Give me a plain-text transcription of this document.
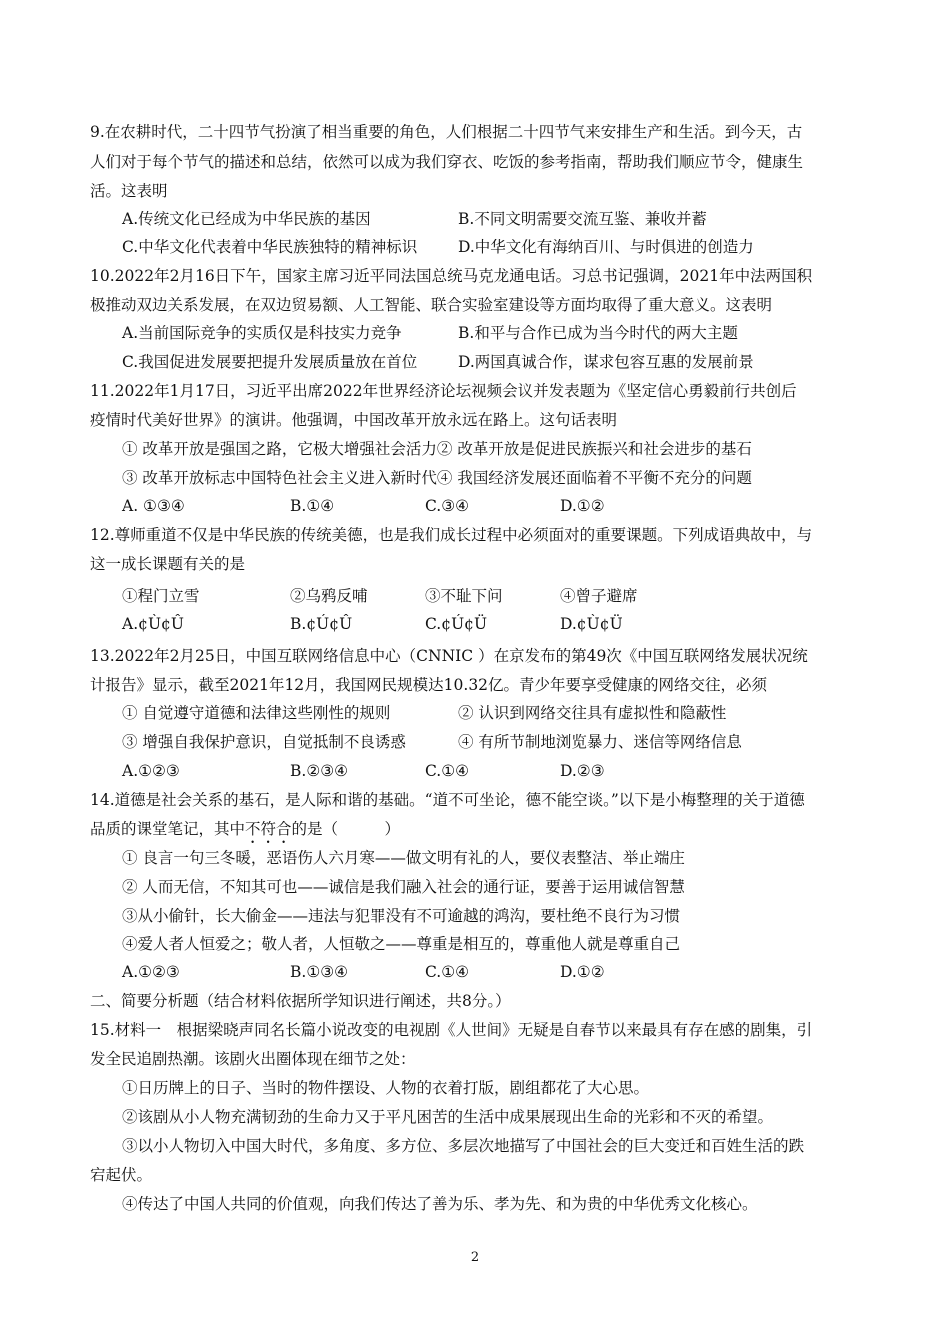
9.在农耕时代，二十四节气扮演了相当重要的角色，人们根据二十四节气来安排生产和生活。到今天，古
人们对于每个节气的描述和总结，依然可以成为我们穿衣、吃饭的参考指南，帮助我们顺应节令，健康生
活。这表明
A.传统文化已经成为中华民族的基因	B.不同文明需要交流互鉴、兼收并蓄
C.中华文化代表着中华民族独特的精神标识	D.中华文化有海纳百川、与时俱进的创造力
10.2022年2月16日下午，国家主席习近平同法国总统马克龙通电话。习总书记强调，2021年中法两国积
极推动双边关系发展，在双边贸易额、人工智能、联合实验室建设等方面均取得了重大意义。这表明
A.当前国际竞争的实质仅是科技实力竞争	B.和平与合作已成为当今时代的两大主题
C.我国促进发展要把提升发展质量放在首位	D.两国真诚合作，谋求包容互惠的发展前景
11.2022年1月17日，习近平出席2022年世界经济论坛视频会议并发表题为《坚定信心勇毅前行共创后
疫情时代美好世界》的演讲。他强调，中国改革开放永远在路上。这句话表明
① 改革开放是强国之路，它极大增强社会活力② 改革开放是促进民族振兴和社会进步的基石
③ 改革开放标志中国特色社会主义进入新时代④ 我国经济发展还面临着不平衡不充分的问题
A. ①③④	B.①④	C.③④	D.①②
12.尊师重道不仅是中华民族的传统美德，也是我们成长过程中必须面对的重要课题。下列成语典故中，与
这一成长课题有关的是
①程门立雪	②乌鸦反哺	③不耻下问	④曾子避席
A.¢Ù¢Û	B.¢Ú¢Û	C.¢Ú¢Ü	D.¢Ù¢Ü
13.2022年2月25日，中国互联网络信息中心（CNNIC ）在京发布的第49次《中国互联网络发展状况统
计报告》显示，截至2021年12月，我国网民规模达10.32亿。青少年要享受健康的网络交往，必须
① 自觉遵守道德和法律这些刚性的规则	② 认识到网络交往具有虚拟性和隐蔽性
③ 增强自我保护意识，自觉抵制不良诱惑	④ 有所节制地浏览暴力、迷信等网络信息
A.①②③	B.②③④	C.①④	D.②③
14.道德是社会关系的基石，是人际和谐的基础。“道不可坐论，德不能空谈。”以下是小梅整理的关于道德
品质的课堂笔记，其中不符合的是（　　　）
① 良言一句三冬暖，恶语伤人六月寒——做文明有礼的人，要仪表整洁、举止端庄
② 人而无信，不知其可也——诚信是我们融入社会的通行证，要善于运用诚信智慧
③从小偷针，长大偷金——违法与犯罪没有不可逾越的鸿沟，要杜绝不良行为习惯
④爱人者人恒爱之；敬人者，人恒敬之——尊重是相互的，尊重他人就是尊重自己
A.①②③	B.①③④	C.①④	D.①②
二、简要分析题（结合材料依据所学知识进行阐述，共8分。）
15.材料一　根据梁晓声同名长篇小说改变的电视剧《人世间》无疑是自春节以来最具有存在感的剧集，引
发全民追剧热潮。该剧火出圈体现在细节之处：
①日历牌上的日子、当时的物件摆设、人物的衣着打版，剧组都花了大心思。
②该剧从小人物充满韧劲的生命力又于平凡困苦的生活中成果展现出生命的光彩和不灭的希望。
③以小人物切入中国大时代，多角度、多方位、多层次地描写了中国社会的巨大变迁和百姓生活的跌
宕起伏。
④传达了中国人共同的价值观，向我们传达了善为乐、孝为先、和为贵的中华优秀文化核心。
2
